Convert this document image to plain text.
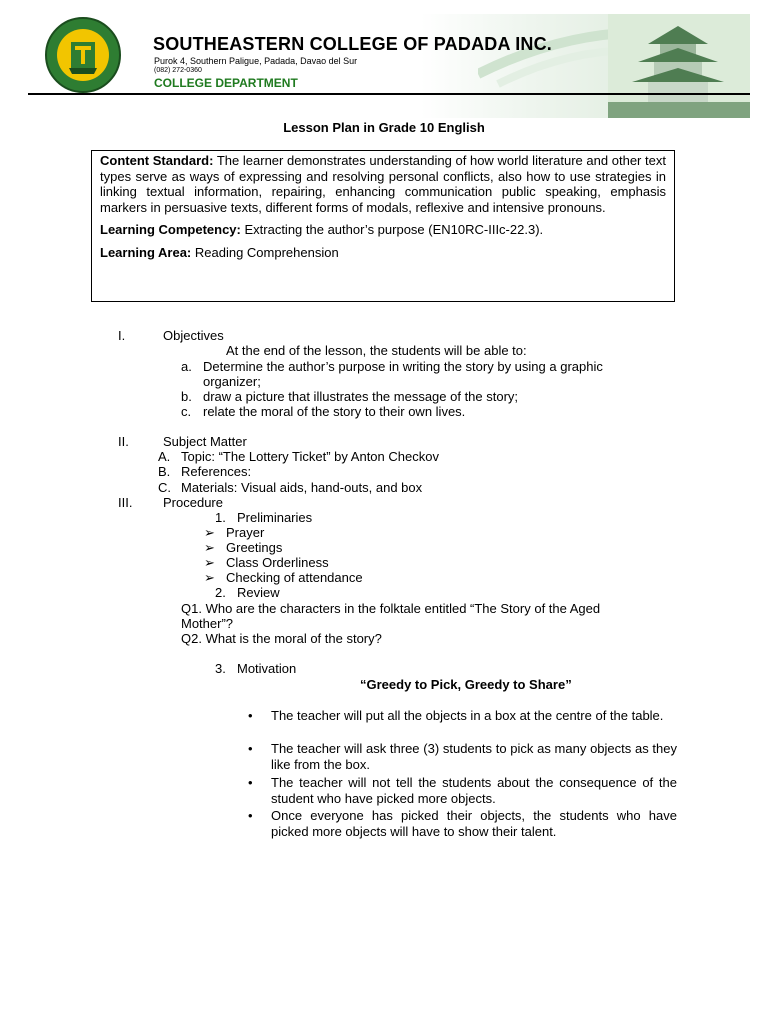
SOUTHEASTERN COLLEGE OF PADADA INC.
Purok 4, Southern Paligue, Padada, Davao del Sur
(082) 272-0360
COLLEGE DEPARTMENT
Lesson Plan in Grade 10 English

Content Standard: The learner demonstrates understanding of how world literature and other text types serve as ways of expressing and resolving personal conflicts, also how to use strategies in linking textual information, repairing, enhancing communication public speaking, emphasis markers in persuasive texts, different forms of modals, reflexive and intensive pronouns.

Learning Competency: Extracting the author’s purpose (EN10RC-IIIc-22.3).

Learning Area: Reading Comprehension

I.	Objectives
At the end of the lesson, the students will be able to:
a. Determine the author’s purpose in writing the story by using a graphic
organizer;
b. draw a picture that illustrates the message of the story;
c. relate the moral of the story to their own lives.
II.	Subject Matter
A. Topic: “The Lottery Ticket” by Anton Checkov
B. References:
C. Materials: Visual aids, hand-outs, and box
III. Procedure
1. Preliminaries
➢ Prayer
➢ Greetings
➢ Class Orderliness
➢ Checking of attendance
2. Review
Q1. Who are the characters in the folktale entitled “The Story of the Aged
Mother”?
Q2. What is the moral of the story?
3. Motivation
“Greedy to Pick, Greedy to Share”
• The teacher will put all the objects in a box at the centre of the table.
• The teacher will ask three (3) students to pick as many objects as they like from the box.
• The teacher will not tell the students about the consequence of the student who have picked more objects.
• Once everyone has picked their objects, the students who have picked more objects will have to show their talent.
